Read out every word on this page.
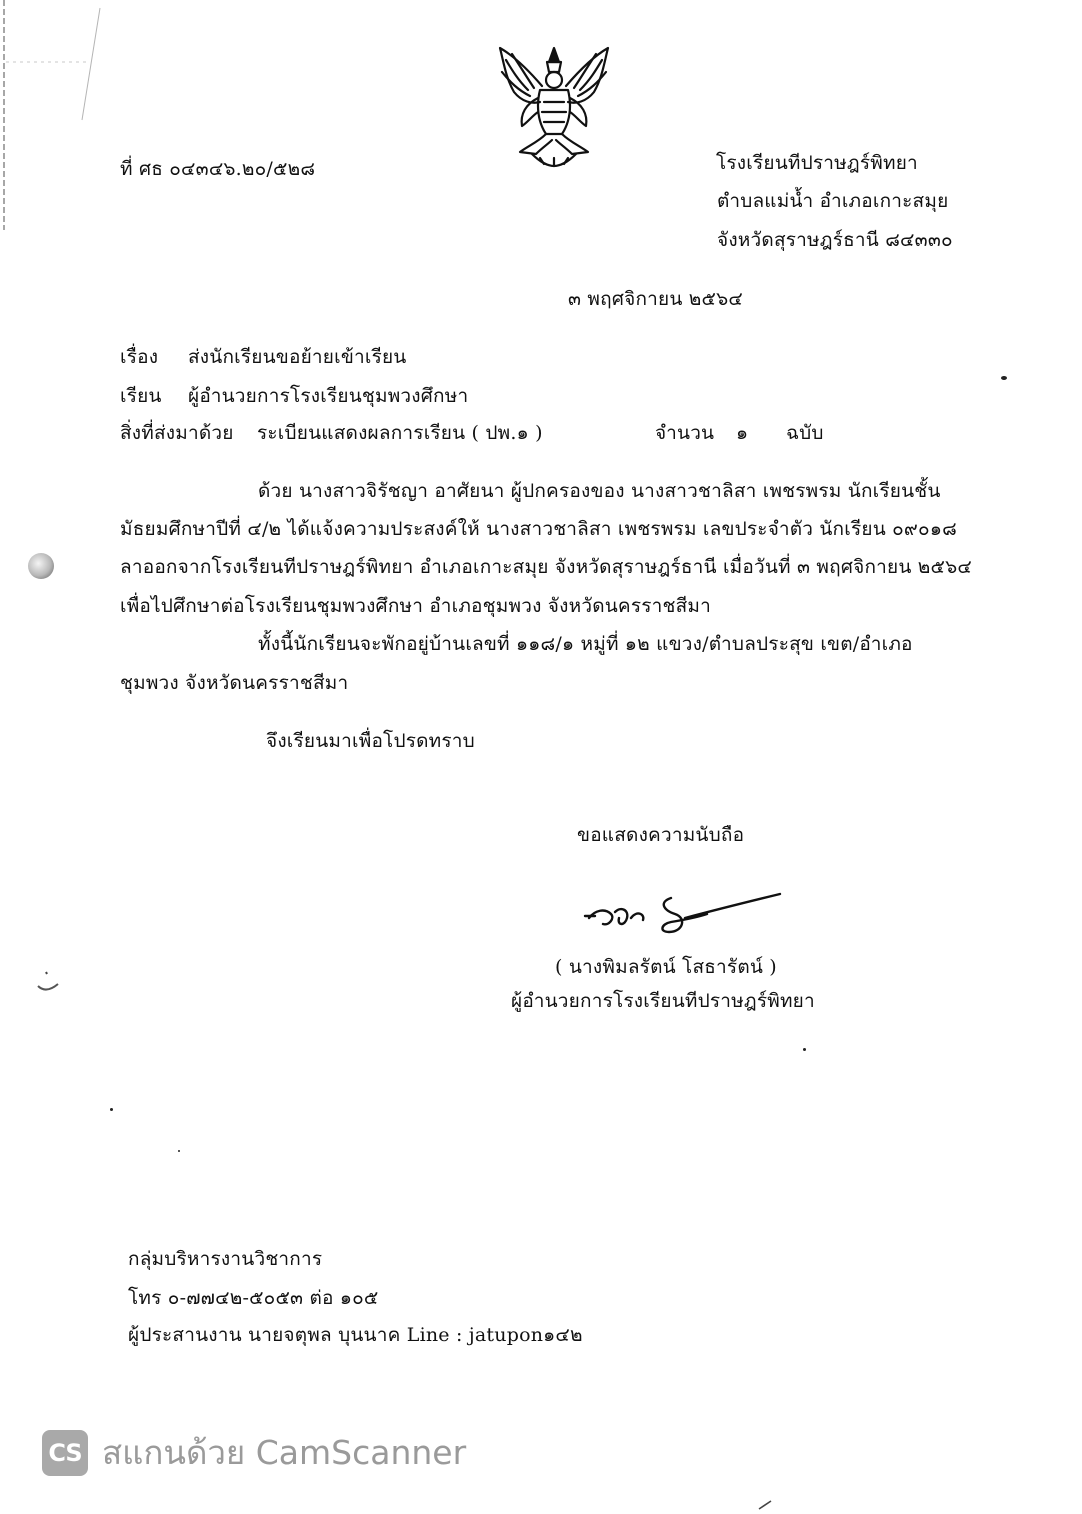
ที่ ศธ ๐๔๓๔๖.๒๐/๕๒๘	โรงเรียนทีปราษฎร์พิทยา
ตำบลแม่น้ำ อำเภอเกาะสมุย
จังหวัดสุราษฎร์ธานี ๘๔๓๓๐
๓ พฤศจิกายน ๒๕๖๔
เรื่อง ส่งนักเรียนขอย้ายเข้าเรียน
เรียน ผู้อำนวยการโรงเรียนชุมพวงศึกษา
สิ่งที่ส่งมาด้วย ระเบียนแสดงผลการเรียน ( ปพ.๑ )	จำนวน ๑ ฉบับ
ด้วย นางสาวจิรัชญา อาศัยนา ผู้ปกครองของ นางสาวชาลิสา เพชรพรม นักเรียนชั้น
มัธยมศึกษาปีที่ ๔/๒ ได้แจ้งความประสงค์ให้ นางสาวชาลิสา เพชรพรม เลขประจำตัว นักเรียน ๐๙๐๑๘
ลาออกจากโรงเรียนทีปราษฎร์พิทยา อำเภอเกาะสมุย จังหวัดสุราษฎร์ธานี เมื่อวันที่ ๓ พฤศจิกายน ๒๕๖๔
เพื่อไปศึกษาต่อโรงเรียนชุมพวงศึกษา อำเภอชุมพวง จังหวัดนครราชสีมา
ทั้งนี้นักเรียนจะพักอยู่บ้านเลขที่ ๑๑๘/๑ หมู่ที่ ๑๒ แขวง/ตำบลประสุข เขต/อำเภอ
ชุมพวง จังหวัดนครราชสีมา
จึงเรียนมาเพื่อโปรดทราบ
ขอแสดงความนับถือ
( นางพิมลรัตน์ โสธารัตน์ )
ผู้อำนวยการโรงเรียนทีปราษฎร์พิทยา
กลุ่มบริหารงานวิชาการ
โทร ๐-๗๗๔๒-๕๐๕๓ ต่อ ๑๐๕
ผู้ประสานงาน นายจตุพล บุนนาค Line : jatupon๑๔๒
CS สแกนด้วย CamScanner
